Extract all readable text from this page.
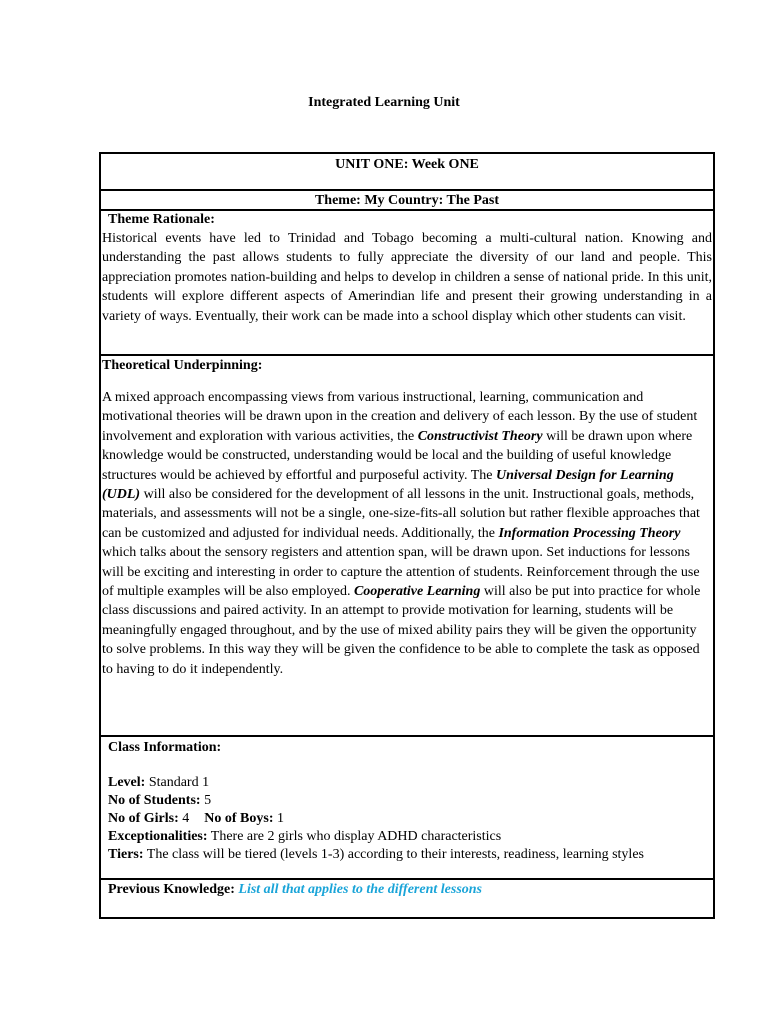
Integrated Learning Unit
UNIT ONE: Week ONE
Theme: My Country: The Past
Theme Rationale:

Historical events have led to Trinidad and Tobago becoming a multi-cultural nation. Knowing and understanding the past allows students to fully appreciate the diversity of our land and people. This appreciation promotes nation-building and helps to develop in children a sense of national pride. In this unit, students will explore different aspects of Amerindian life and present their growing understanding in a variety of ways. Eventually, their work can be made into a school display which other students can visit.

Theoretical Underpinning:

A mixed approach encompassing views from various instructional, learning, communication and motivational theories will be drawn upon in the creation and delivery of each lesson. By the use of student involvement and exploration with various activities, the Constructivist Theory will be drawn upon where knowledge would be constructed, understanding would be local and the building of useful knowledge structures would be achieved by effortful and purposeful activity. The Universal Design for Learning (UDL) will also be considered for the development of all lessons in the unit. Instructional goals, methods, materials, and assessments will not be a single, one-size-fits-all solution but rather flexible approaches that can be customized and adjusted for individual needs. Additionally, the Information Processing Theory which talks about the sensory registers and attention span, will be drawn upon. Set inductions for lessons will be exciting and interesting in order to capture the attention of students. Reinforcement through the use of multiple examples will be also employed. Cooperative Learning will also be put into practice for whole class discussions and paired activity. In an attempt to provide motivation for learning, students will be meaningfully engaged throughout, and by the use of mixed ability pairs they will be given the opportunity to solve problems. In this way they will be given the confidence to be able to complete the task as opposed to having to do it independently.

Class Information:
Level: Standard 1
No of Students: 5
No of Girls: 4 No of Boys: 1
Exceptionalities: There are 2 girls who display ADHD characteristics
Tiers: The class will be tiered (levels 1-3) according to their interests, readiness, learning styles
Previous Knowledge: List all that applies to the different lessons
